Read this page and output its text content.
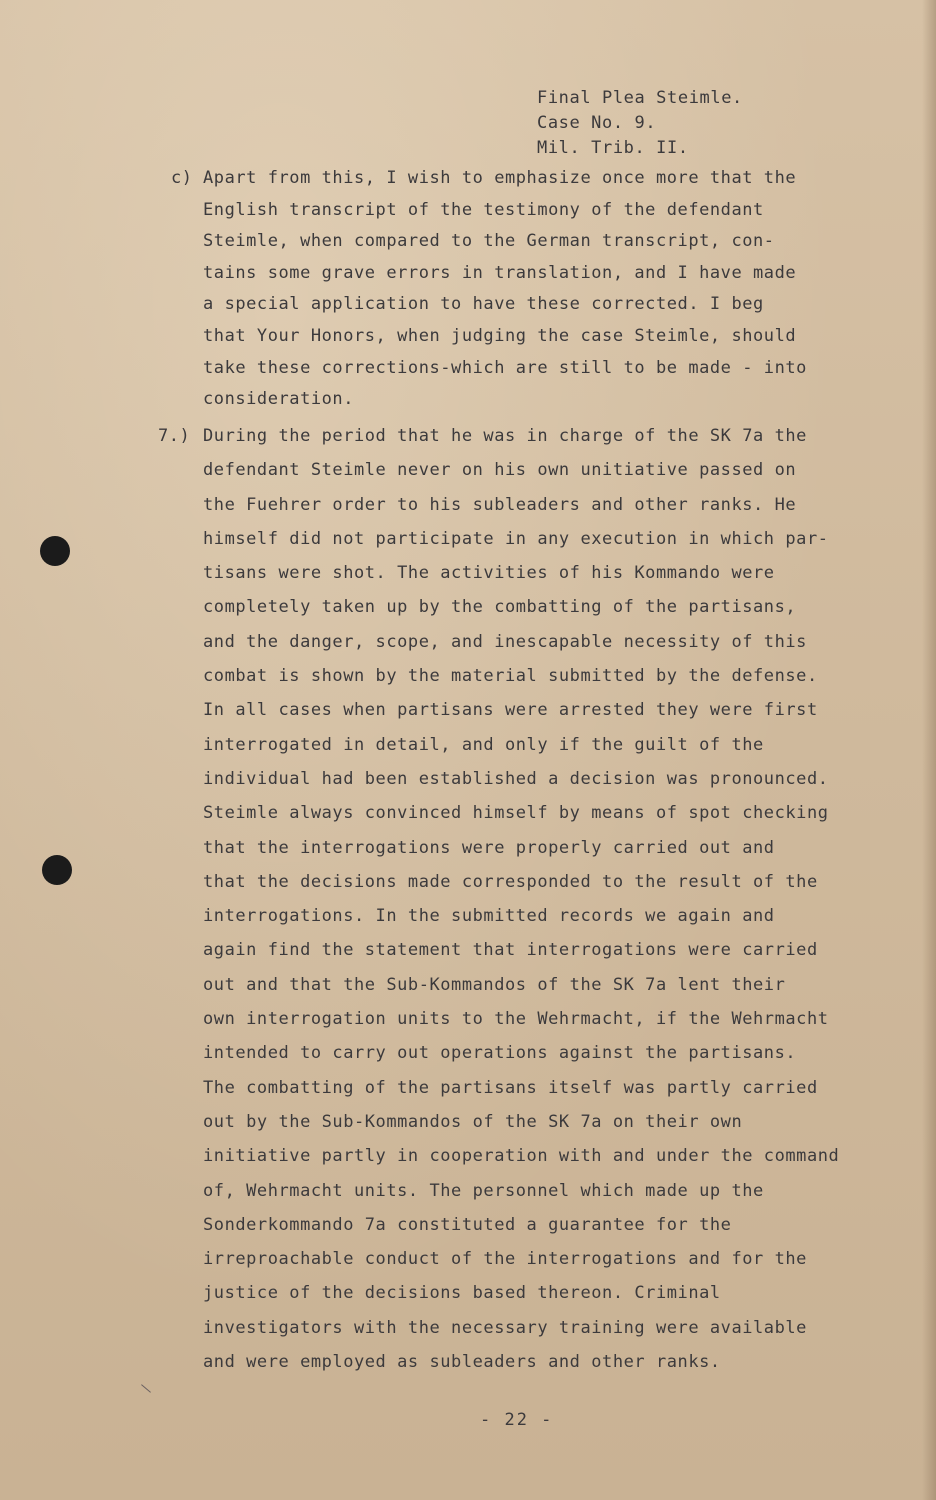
Final Plea Steimle.
Case No. 9.
Mil. Trib. II.
c) Apart from this, I wish to emphasize once more that the
English transcript of the testimony of the defendant
Steimle, when compared to the German transcript, con-
tains some grave errors in translation, and I have made
a special application to have these corrected. I beg
that Your Honors, when judging the case Steimle, should
take these corrections-which are still to be made - into
consideration.
7.) During the period that he was in charge of the SK 7a the
defendant Steimle never on his own unitiative passed on
the Fuehrer order to his subleaders and other ranks. He
himself did not participate in any execution in which par-
tisans were shot. The activities of his Kommando were
completely taken up by the combatting of the partisans,
and the danger, scope, and inescapable necessity of this
combat is shown by the material submitted by the defense.
In all cases when partisans were arrested they were first
interrogated in detail, and only if the guilt of the
individual had been established a decision was pronounced.
Steimle always convinced himself by means of spot checking
that the interrogations were properly carried out and
that the decisions made corresponded to the result of the
interrogations. In the submitted records we again and
again find the statement that interrogations were carried
out and that the Sub-Kommandos of the SK 7a lent their
own interrogation units to the Wehrmacht, if the Wehrmacht
intended to carry out operations against the partisans.
The combatting of the partisans itself was partly carried
out by the Sub-Kommandos of the SK 7a on their own
initiative partly in cooperation with and under the command
of, Wehrmacht units. The personnel which made up the
Sonderkommando 7a constituted a guarantee for the
irreproachable conduct of the interrogations and for the
justice of the decisions based thereon. Criminal
investigators with the necessary training were available
and were employed as subleaders and other ranks.
- 22 -
